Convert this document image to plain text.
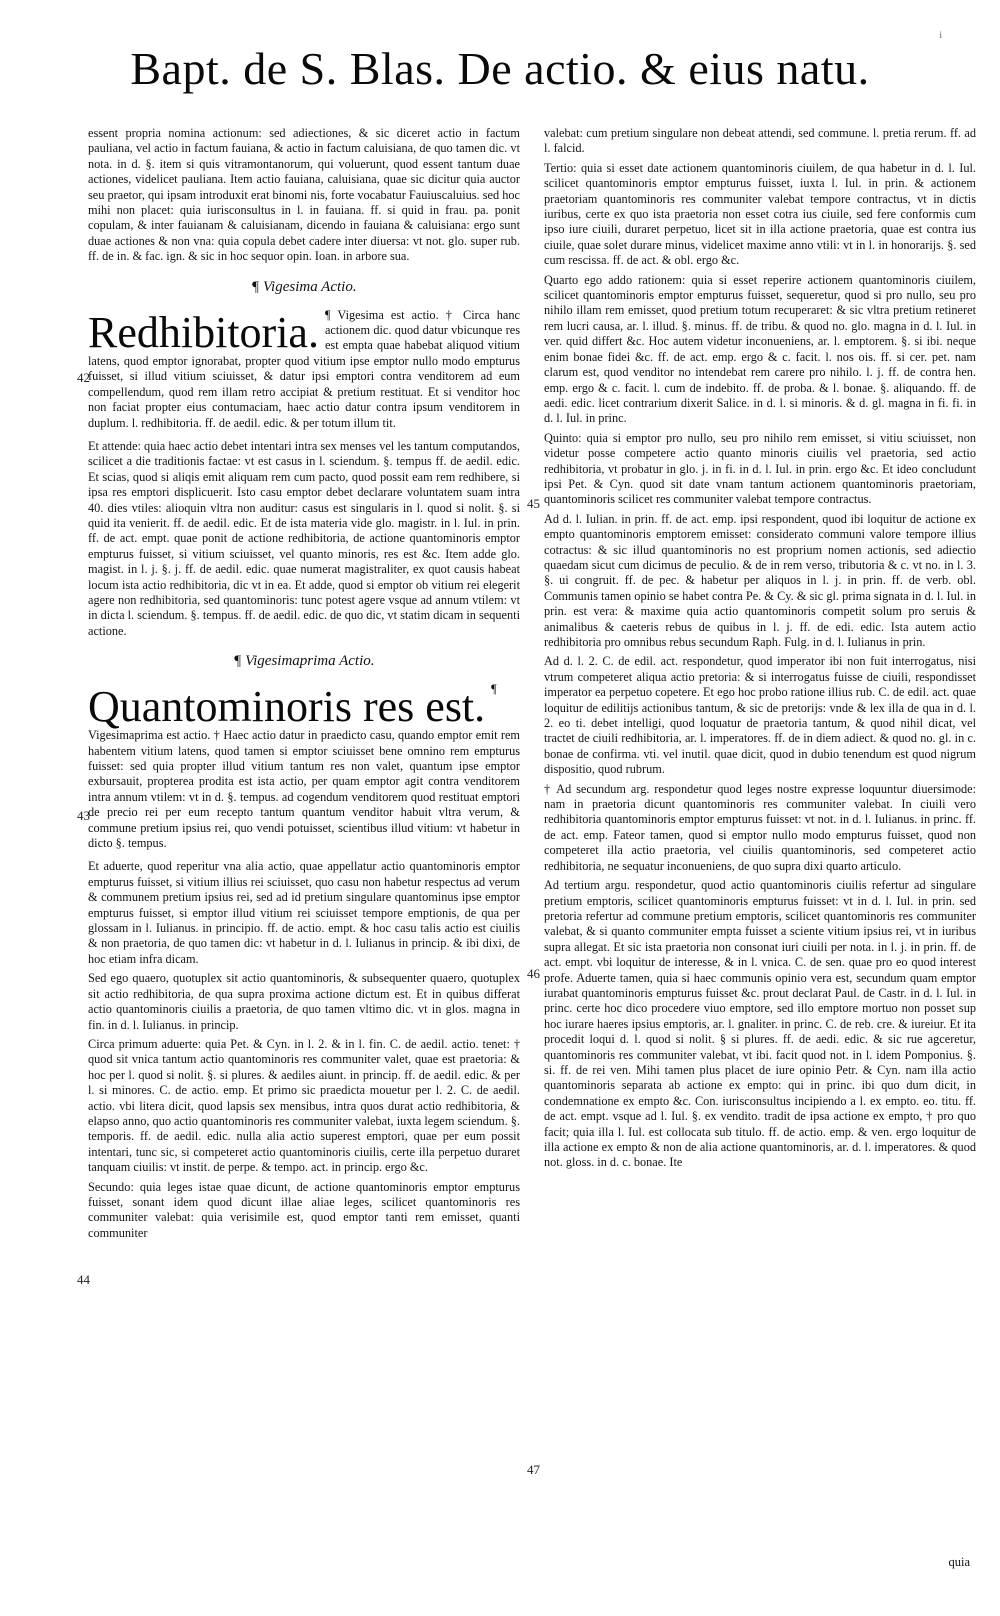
i
Bapt. de S. Blas. De actio. & eius natu.
42
43
44
45
46
47

essent propria nomina actionum: sed adiectiones, & sic diceret actio in factum pauliana, vel actio in factum fauiana, & actio in factum caluisiana, de quo tamen dic. vt nota. in d. §. item si quis vitramontanorum, qui voluerunt, quod essent tantum duae actiones, videlicet pauliana. Item actio fauiana, caluisiana, quae sic dicitur quia auctor seu praetor, qui ipsam introduxit erat binomi nis, forte vocabatur Fauiuscaluius. sed hoc mihi non placet: quia iurisconsultus in l. in fauiana. ff. si quid in frau. pa. ponit copulam, & inter fauianam & caluisianam, dicendo in fauiana & caluisiana: ergo sunt duae actiones & non vna: quia copula debet cadere inter diuersa: vt not. glo. super rub. ff. de in. & fac. ign. & sic in hoc sequor opin. Ioan. in arbore sua.

¶ Vigesima Actio.
Redhibitoria. ¶ Vigesima est actio. † Circa hanc actionem dic. quod datur vbicunque res est empta quae habebat aliquod vitium latens, quod emptor ignorabat, propter quod vitium ipse emptor nullo modo empturus fuisset, si illud vitium sciuisset, & datur ipsi emptori contra venditorem ad eum compellendum, quod rem illam retro accipiat & pretium restituat. Et si venditor hoc non faciat propter eius contumaciam, haec actio datur contra ipsum venditorem in duplum. l. redhibitoria. ff. de aedil. edic. & per totum illum tit.

Et attende: quia haec actio debet intentari intra sex menses vel les tantum computandos, scilicet a die traditionis factae: vt est casus in l. sciendum. §. tempus ff. de aedil. edic. Et scias, quod si aliqis emit aliquam rem cum pacto, quod possit eam rem redhibere, si ipsa res emptori displicuerit. Isto casu emptor debet declarare voluntatem suam intra 40. dies vtiles: alioquin vltra non auditur: casus est singularis in l. quod si nolit. §. si quid ita venierit. ff. de aedil. edic. Et de ista materia vide glo. magistr. in l. Iul. in prin. ff. de act. empt. quae ponit de actione redhibitoria, de actione quantominoris emptor empturus fuisset, si vitium sciuisset, vel quanto minoris, res est &c. Item adde glo. magist. in l. j. §. j. ff. de aedil. edic. quae numerat magistraliter, ex quot causis habeat locum ista actio redhibitoria, dic vt in ea. Et adde, quod si emptor ob vitium rei elegerit agere non redhibitoria, sed quantominoris: tunc potest agere vsque ad annum vtilem: vt in dicta l. sciendum. §. tempus. ff. de aedil. edic. de quo dic, vt statim dicam in sequenti actione.

¶ Vigesimaprima Actio.
Quantominoris res est. ¶ Vigesimaprima est actio. † Haec actio datur in praedicto casu, quando emptor emit rem habentem vitium latens, quod tamen si emptor sciuisset bene omnino rem empturus fuisset: sed quia propter illud vitium tantum res non valet, quantum ipse emptor exbursauit, propterea prodita est ista actio, per quam emptor agit contra venditorem intra annum vtilem: vt in d. §. tempus. ad cogendum venditorem quod restituat emptori de precio rei per eum recepto tantum quantum venditor habuit vltra verum, & commune pretium ipsius rei, quo vendi potuisset, scientibus illud vitium: vt habetur in dicto §. tempus.

Et aduerte, quod reperitur vna alia actio, quae appellatur actio quantominoris emptor empturus fuisset, si vitium illius rei sciuisset, quo casu non habetur respectus ad verum & communem pretium ipsius rei, sed ad id pretium singulare quantominus ipse emptor empturus fuisset, si emptor illud vitium rei sciuisset tempore emptionis, de qua per glossam in l. Iulianus. in principio. ff. de actio. empt. & hoc casu talis actio est ciuilis & non praetoria, de quo tamen dic: vt habetur in d. l. Iulianus in princip. & ibi dixi, de hoc etiam infra dicam.

Sed ego quaero, quotuplex sit actio quantominoris, & subsequenter quaero, quotuplex sit actio redhibitoria, de qua supra proxima actione dictum est. Et in quibus differat actio quantominoris ciuilis a praetoria, de quo tamen vltimo dic. vt in glos. magna in fin. in d. l. Iulianus. in princip.

Circa primum aduerte: quia Pet. & Cyn. in l. 2. & in l. fin. C. de aedil. actio. tenet: † quod sit vnica tantum actio quantominoris res communiter valet, quae est praetoria: & hoc per l. quod si nolit. §. si plures. & aediles aiunt. in princip. ff. de aedil. edic. & per l. si minores. C. de actio. emp. Et primo sic praedicta mouetur per l. 2. C. de aedil. actio. vbi litera dicit, quod lapsis sex mensibus, intra quos durat actio redhibitoria, & elapso anno, quo actio quantominoris res communiter valebat, iuxta legem sciendum. §. temporis. ff. de aedil. edic. nulla alia actio superest emptori, quae per eum possit intentari, tunc sic, si competeret actio quantominoris ciuilis, certe illa perpetuo duraret tanquam ciuilis: vt instit. de perpe. & tempo. act. in princip. ergo &c.

Secundo: quia leges istae quae dicunt, de actione quantominoris emptor empturus fuisset, sonant idem quod dicunt illae aliae leges, scilicet quantominoris res communiter valebat: quia verisimile est, quod emptor tanti rem emisset, quanti communiter

valebat: cum pretium singulare non debeat attendi, sed commune. l. pretia rerum. ff. ad l. falcid.

Tertio: quia si esset date actionem quantominoris ciuilem, de qua habetur in d. l. Iul. scilicet quantominoris emptor empturus fuisset, iuxta l. Iul. in prin. & actionem praetoriam quantominoris res communiter valebat tempore contractus, vt in dictis iuribus, certe ex quo ista praetoria non esset cotra ius ciuile, sed fere conformis cum ipso iure ciuili, duraret perpetuo, licet sit in illa actione praetoria, quae est contra ius ciuile, quae solet durare minus, videlicet maxime anno vtili: vt in l. in honorarijs. §. sed cum rescissa. ff. de act. & obl. ergo &c.

Quarto ego addo rationem: quia si esset reperire actionem quantominoris ciuilem, scilicet quantominoris emptor empturus fuisset, sequeretur, quod si pro nullo, seu pro nihilo illam rem emisset, quod pretium totum recuperaret: & sic vltra pretium retineret rem lucri causa, ar. l. illud. §. minus. ff. de tribu. & quod no. glo. magna in d. l. Iul. in ver. quid differt &c. Hoc autem videtur inconueniens, ar. l. emptorem. §. si ibi. neque enim bonae fidei &c. ff. de act. emp. ergo & c. facit. l. nos ois. ff. si cer. pet. nam clarum est, quod venditor no intendebat rem carere pro nihilo. l. j. ff. de contra hen. emp. ergo & c. facit. l. cum de indebito. ff. de proba. & l. bonae. §. aliquando. ff. de aedi. edic. licet contrarium dixerit Salice. in d. l. si minoris. & d. gl. magna in fi. fi. in d. l. Iul. in princ.

Quinto: quia si emptor pro nullo, seu pro nihilo rem emisset, si vitiu sciuisset, non videtur posse competere actio quanto minoris ciuilis vel praetoria, sed actio redhibitoria, vt probatur in glo. j. in fi. in d. l. Iul. in prin. ergo &c. Et ideo concludunt ipsi Pet. & Cyn. quod sit date vnam tantum actionem quantominoris praetoriam, quantominoris scilicet res communiter valebat tempore contractus.

Ad d. l. Iulian. in prin. ff. de act. emp. ipsi respondent, quod ibi loquitur de actione ex empto quantominoris emptorem emisset: considerato communi valore tempore illius cotractus: & sic illud quantominoris no est proprium nomen actionis, sed adiectio quaedam sicut cum dicimus de peculio. & de in rem verso, tributoria & c. vt no. in l. 3. §. ui congruit. ff. de pec. & habetur per aliquos in l. j. in prin. ff. de verb. obl. Communis tamen opinio se habet contra Pe. & Cy. & sic gl. prima signata in d. l. Iul. in prin. est vera: & maxime quia actio quantominoris competit solum pro seruis & animalibus & caeteris rebus de quibus in l. j. ff. de edi. edic. Ista autem actio redhibitoria pro omnibus rebus secundum Raph. Fulg. in d. l. Iulianus in prin.

Ad d. l. 2. C. de edil. act. respondetur, quod imperator ibi non fuit interrogatus, nisi vtrum competeret aliqua actio pretoria: & si interrogatus fuisse de ciuili, respondisset imperator ea perpetuo copetere. Et ego hoc probo ratione illius rub. C. de edil. act. quae loquitur de edilitijs actionibus tantum, & sic de pretorijs: vnde & lex illa de qua in d. l. 2. eo ti. debet intelligi, quod loquatur de praetoria tantum, & quod nihil dicat, vel tractet de ciuili redhibitoria, ar. l. imperatores. ff. de in diem adiect. & quod no. gl. in c. bonae de confirma. vti. vel inutil. quae dicit, quod in dubio tenendum est quod nigrum dispositio, quod rubrum.

† Ad secundum arg. respondetur quod leges nostre expresse loquuntur diuersimode: nam in praetoria dicunt quantominoris res communiter valebat. In ciuili vero redhibitoria quantominoris emptor empturus fuisset: vt not. in d. l. Iulianus. in princ. ff. de act. emp. Fateor tamen, quod si emptor nullo modo empturus fuisset, quod non competeret illa actio praetoria, vel ciuilis quantominoris, sed competeret actio redhibitoria, ne sequatur inconueniens, de quo supra dixi quarto articulo.

Ad tertium argu. respondetur, quod actio quantominoris ciuilis refertur ad singulare pretium emptoris, scilicet quantominoris empturus fuisset: vt in d. l. Iul. in prin. sed pretoria refertur ad commune pretium emptoris, scilicet quantominoris res communiter valebat, & si quanto communiter empta fuisset a sciente vitium ipsius rei, vt in iuribus supra allegat. Et sic ista praetoria non consonat iuri ciuili per nota. in l. j. in prin. ff. de act. empt. vbi loquitur de interesse, & in l. vnica. C. de sen. quae pro eo quod interest profe. Aduerte tamen, quia si haec communis opinio vera est, secundum quam emptor iurabat quantominoris empturus fuisset &c. prout declarat Paul. de Castr. in d. l. Iul. in princ. certe hoc dico procedere viuo emptore, sed illo emptore mortuo non posset sup hoc iurare haeres ipsius emptoris, ar. l. gnaliter. in princ. C. de reb. cre. & iureiur. Et ita procedit loqui d. l. quod si nolit. § si plures. ff. de aedi. edic. & sic rue agceretur, quantominoris res communiter valebat, vt ibi. facit quod not. in l. idem Pomponius. §. si. ff. de rei ven. Mihi tamen plus placet de iure opinio Petr. & Cyn. nam illa actio quantominoris separata ab actione ex empto: qui in princ. ibi quo dum dicit, in condemnatione ex empto &c. Con. iurisconsultus incipiendo a l. ex empto. eo. titu. ff. de act. empt. vsque ad l. Iul. §. ex vendito. tradit de ipsa actione ex empto, † pro quo facit; quia illa l. Iul. est collocata sub titulo. ff. de actio. emp. & ven. ergo loquitur de illa actione ex empto & non de alia actione quantominoris, ar. d. l. imperatores. & quod not. gloss. in d. c. bonae. Ite

quia
